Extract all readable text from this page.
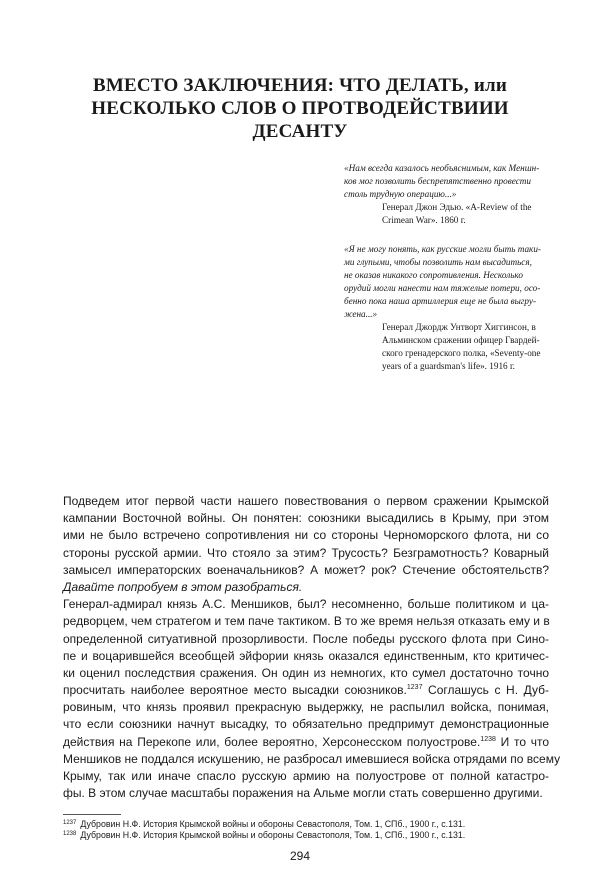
ВМЕСТО ЗАКЛЮЧЕНИЯ: ЧТО ДЕЛАТЬ, или
НЕСКОЛЬКО СЛОВ О ПРОТВОДЕЙСТВИИИ
ДЕСАНТУ
«Нам всегда казалось необъяснимым, как Меншн-
ков мог позволить беспрепятственно провести
столь трудную операцию...»
Генерал Джон Эдью. «A-Review of the
Crimean War». 1860 г.
«Я не могу понять, как русские могли быть таки-
ми глупыми, чтобы позволить нам высадиться,
не оказав никакого сопротивления. Несколько
орудий могли нанести нам тяжелые потери, осо-
бенно пока наша артиллерия еще не была выгру-
жена...»
Генерал Джордж Унтворт Хиггинсон, в
Альминском сражении офицер Гвардей-
ского гренадерского полка, «Seventy-one
years of a guardsman's life». 1916 г.
Подведем итог первой части нашего повествования о первом сражении Крымской
кампании Восточной войны. Он понятен: союзники высадились в Крыму, при этом
ими не было встречено сопротивления ни со стороны Черноморского флота, ни со
стороны русской армии. Что стояло за этим? Трусость? Безграмотность? Коварный
замысел императорских военачальников? А может? рок? Стечение обстоятельств?
Давайте попробуем в этом разобраться.
Генерал-адмирал князь А.С. Меншиков, был? несомненно, больше политиком и ца-
редворцем, чем стратегом и тем паче тактиком. В то же время нельзя отказать ему и в
определенной ситуативной прозорливости. После победы русского флота при Сино-
пе и воцарившейся всеобщей эйфории князь оказался единственным, кто критичес-
ки оценил последствия сражения. Он один из немногих, кто сумел достаточно точно
просчитать наиболее вероятное место высадки союзников.$^{1237}$ Соглашусь с Н. Дуб-
ровиным, что князь проявил прекрасную выдержку, не распылил войска, понимая,
что если союзники начнут высадку, то обязательно предпримут демонстрационные
действия на Перекопе или, более вероятно, Херсонесском полуострове.$^{1238}$ И то что
Меншиков не поддался искушению, не разбросал имевшиеся войска отрядами по всему
Крыму, так или иначе спасло русскую армию на полуострове от полной катастро-
фы. В этом случае масштабы поражения на Альме могли стать совершенно другими.
$^{1237}$ Дубровин Н.Ф. История Крымской войны и обороны Севастополя, Том. 1, СПб., 1900 г., с.131.
$^{1238}$ Дубровин Н.Ф. История Крымской войны и обороны Севастополя, Том. 1, СПб., 1900 г., с.131.
294
